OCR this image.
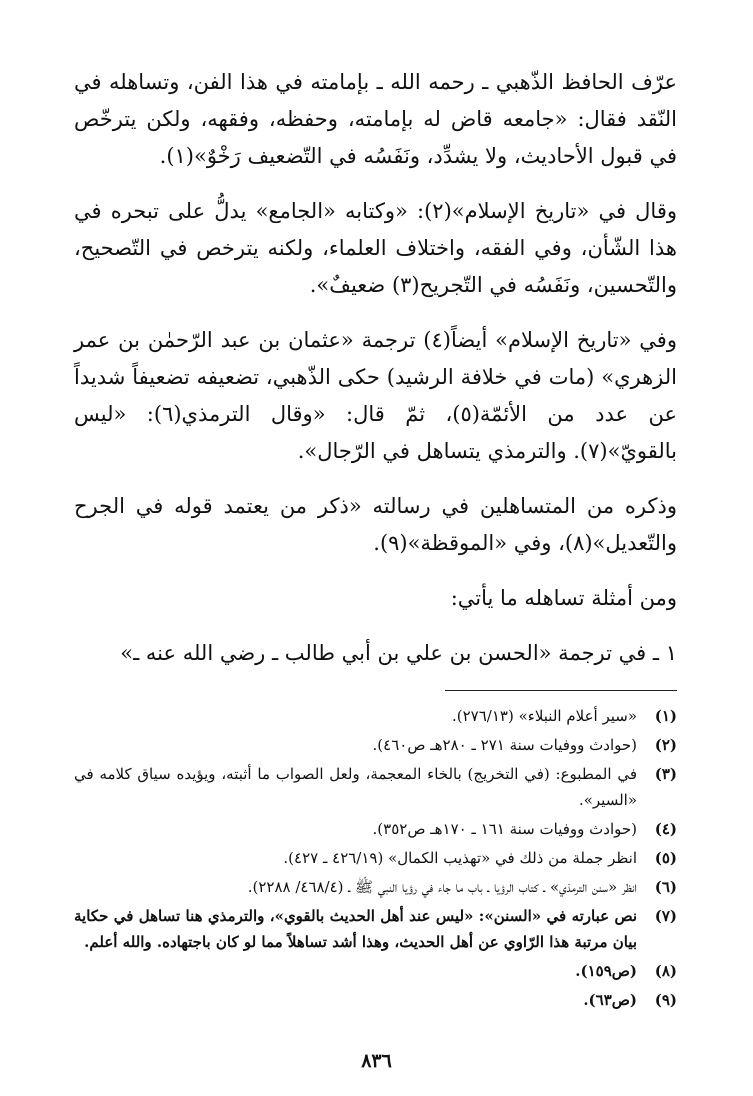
عرّف الحافظ الذّهبي ـ رحمه الله ـ بإمامته في هذا الفن، وتساهله في النّقد فقال: «جامعه قاض له بإمامته، وحفظه، وفقهه، ولكن يترخّص في قبول الأحاديث، ولا يشدِّد، ونَفَسُه في التّضعيف رَخْوٌ»(١).

وقال في «تاريخ الإسلام»(٢): «وكتابه «الجامع» يدلُّ على تبحره في هذا الشّأن، وفي الفقه، واختلاف العلماء، ولكنه يترخص في التّصحيح، والتّحسين، ونَفَسُه في التّجريح(٣) ضعيفٌ».

وفي «تاريخ الإسلام» أيضاً(٤) ترجمة «عثمان بن عبد الرّحمٰن بن عمر الزهري» (مات في خلافة الرشيد) حكى الذّهبي، تضعيفه تضعيفاً شديداً عن عدد من الأئمّة(٥)، ثمّ قال: «وقال الترمذي(٦): «ليس بالقويّ»(٧). والترمذي يتساهل في الرّجال».

وذكره من المتساهلين في رسالته «ذكر من يعتمد قوله في الجرح والتّعديل»(٨)، وفي «الموقظة»(٩).

ومن أمثلة تساهله ما يأتي:

١ ـ في ترجمة «الحسن بن علي بن أبي طالب ـ رضي الله عنه ـ»

(١)
«سير أعلام النبلاء» (٢٧٦/١٣).
(٢)
(حوادث ووفيات سنة ٢٧١ ـ ٢٨٠هـ ص٤٦٠).
(٣)
في المطبوع: (في التخريج) بالخاء المعجمة، ولعل الصواب ما أثبته، ويؤيده سياق كلامه في «السير».
(٤)
(حوادث ووفيات سنة ١٦١ ـ ١٧٠هـ ص٣٥٢).
(٥)
انظر جملة من ذلك في «تهذيب الكمال» (٤٢٦/١٩ ـ ٤٢٧).
(٦)
انظر «سنن الترمذي» ـ كتاب الرؤيا ـ باب ما جاء في رؤيا النبي ﷺ ـ (٤٦٨/٤/ ٢٢٨٨).
(٧)
نص عبارته في «السنن»: «ليس عند أهل الحديث بالقوي»، والترمذي هنا تساهل في حكاية بيان مرتبة هذا الرّاوي عن أهل الحديث، وهذا أشد تساهلاً مما لو كان باجتهاده. والله أعلم.
(٨)
(ص١٥٩).
(٩)
(ص٦٣).
٨٣٦
